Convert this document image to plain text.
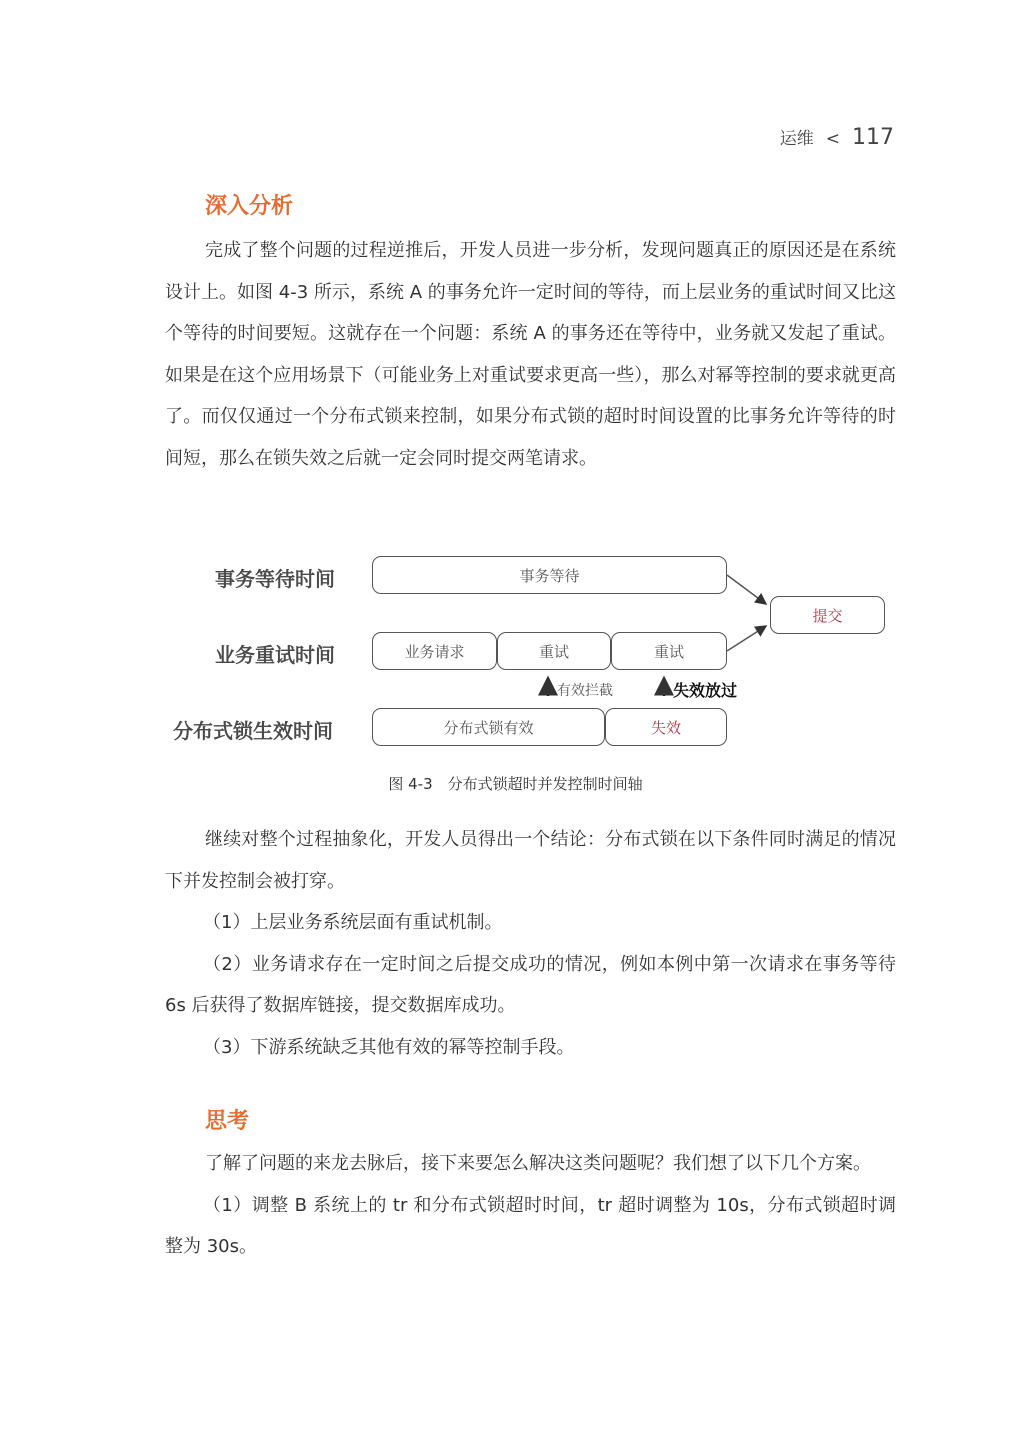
运维 < 117
深入分析

完成了整个问题的过程逆推后，开发人员进一步分析，发现问题真正的原因还是在系统设计上。如图 4-3 所示，系统 A 的事务允许一定时间的等待，而上层业务的重试时间又比这个等待的时间要短。这就存在一个问题：系统 A 的事务还在等待中，业务就又发起了重试。如果是在这个应用场景下（可能业务上对重试要求更高一些），那么对幂等控制的要求就更高了。而仅仅通过一个分布式锁来控制，如果分布式锁的超时时间设置的比事务允许等待的时间短，那么在锁失效之后就一定会同时提交两笔请求。

事务等待时间
业务重试时间
分布式锁生效时间
事务等待
提交
业务请求	重试	重试
分布式锁有效	失效
有效拦截	失效放过
图 4-3　分布式锁超时并发控制时间轴

继续对整个过程抽象化，开发人员得出一个结论：分布式锁在以下条件同时满足的情况下并发控制会被打穿。

（1）上层业务系统层面有重试机制。

（2）业务请求存在一定时间之后提交成功的情况，例如本例中第一次请求在事务等待 6s 后获得了数据库链接，提交数据库成功。

（3）下游系统缺乏其他有效的幂等控制手段。

思考

了解了问题的来龙去脉后，接下来要怎么解决这类问题呢？我们想了以下几个方案。

（1）调整 B 系统上的 tr 和分布式锁超时时间，tr 超时调整为 10s，分布式锁超时调整为 30s。
